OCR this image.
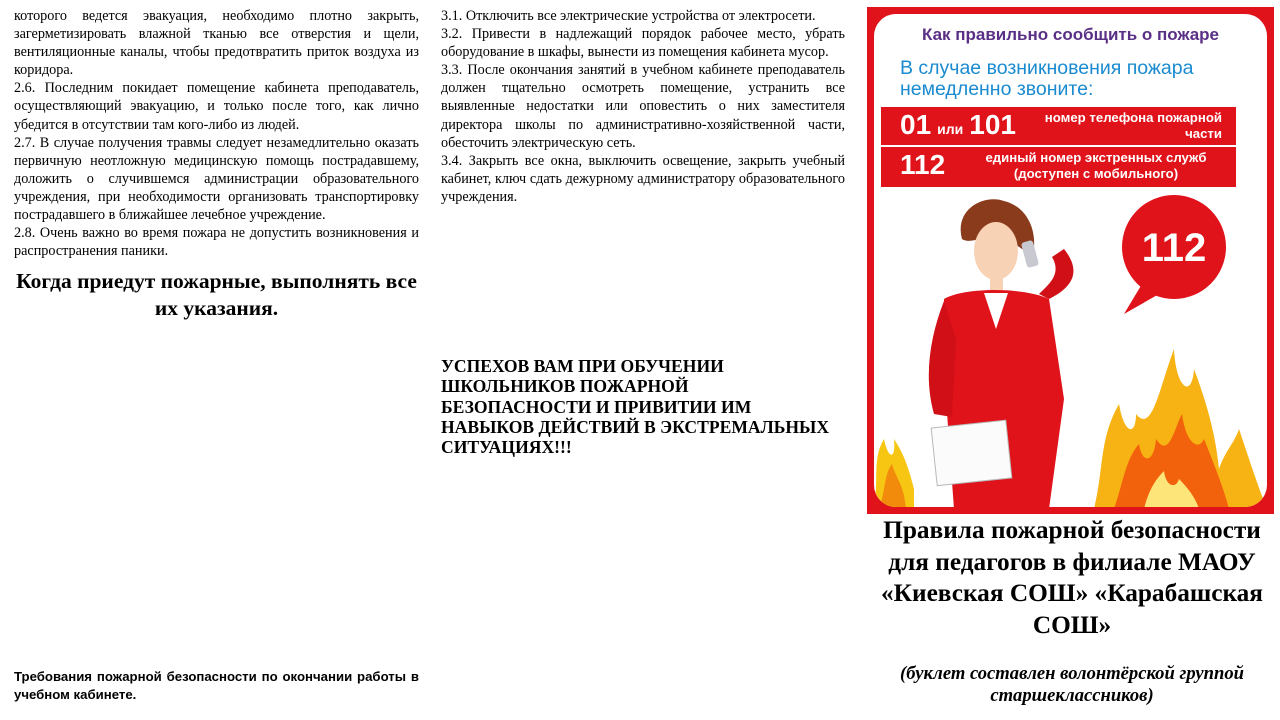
которого ведется эвакуация, необходимо плотно закрыть, загерметизировать влажной тканью все отверстия и щели, вентиляционные каналы, чтобы предотвратить приток воздуха из коридора.

2.6. Последним покидает помещение кабинета преподаватель, осуществляющий эвакуацию, и только после того, как лично убедится в отсутствии там кого-либо из людей.

2.7. В случае получения травмы следует незамедлительно оказать первичную неотложную медицинскую помощь пострадавшему, доложить о случившемся администрации образовательного учреждения, при необходимости организовать транспортировку пострадавшего в ближайшее лечебное учреждение.

2.8. Очень важно во время пожара не допустить возникновения и распространения паники.

Когда приедут пожарные, выполнять все их указания.

Требования пожарной безопасности по окончании работы в учебном кабинете.

3.1. Отключить все электрические устройства от электросети.

3.2. Привести в надлежащий порядок рабочее место, убрать оборудование в шкафы, вынести из помещения кабинета мусор.

3.3. После окончания занятий в учебном кабинете преподаватель должен тщательно осмотреть помещение, устранить все выявленные недостатки или оповестить о них заместителя директора школы по административно-хозяйственной части, обесточить электрическую сеть.

3.4. Закрыть все окна, выключить освещение, закрыть учебный кабинет, ключ сдать дежурному администратору образовательного учреждения.

УСПЕХОВ ВАМ ПРИ ОБУЧЕНИИ ШКОЛЬНИКОВ ПОЖАРНОЙ БЕЗОПАСНОСТИ И ПРИВИТИИ ИМ НАВЫКОВ ДЕЙСТВИЙ В ЭКСТРЕМАЛЬНЫХ СИТУАЦИЯХ!!!
Как правильно сообщить о пожаре
В случае возникновения пожара немедленно звоните:
01 или 101	номер телефона пожарной части
112	единый номер экстренных служб (доступен с мобильного)
112
Правила пожарной безопасности для педагогов в филиале МАОУ «Киевская СОШ» «Карабашская СОШ»
(буклет составлен волонтёрской группой старшеклассников)
